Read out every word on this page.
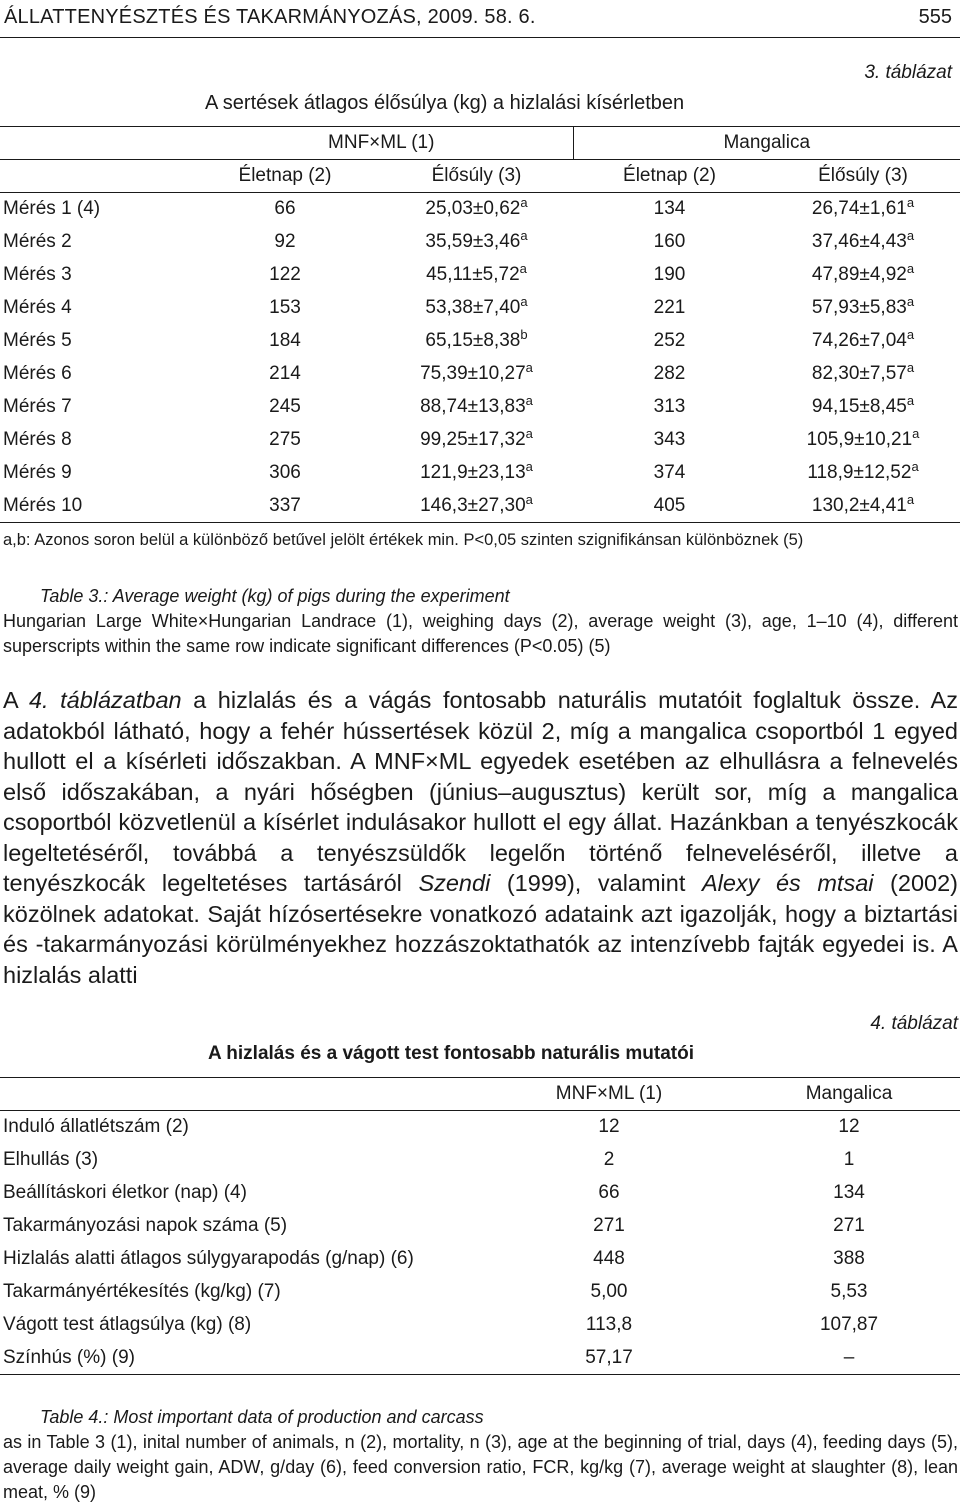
ÁLLATTENYÉSZTÉS ÉS TAKARMÁNYOZÁS, 2009. 58. 6.	555
3. táblázat
A sertések átlagos élősúlya (kg) a hizlalási kísérletben
	MNF×ML (1)		Mangalica	
	Életnap (2)	Élősúly (3)	Életnap (2)	Élősúly (3)
Mérés 1 (4)	66	25,03±0,62$^a$	134	26,74±1,61$^a$
Mérés 2	92	35,59±3,46$^a$	160	37,46±4,43$^a$
Mérés 3	122	45,11±5,72$^a$	190	47,89±4,92$^a$
Mérés 4	153	53,38±7,40$^a$	221	57,93±5,83$^a$
Mérés 5	184	65,15±8,38$^b$	252	74,26±7,04$^a$
Mérés 6	214	75,39±10,27$^a$	282	82,30±7,57$^a$
Mérés 7	245	88,74±13,83$^a$	313	94,15±8,45$^a$
Mérés 8	275	99,25±17,32$^a$	343	105,9±10,21$^a$
Mérés 9	306	121,9±23,13$^a$	374	118,9±12,52$^a$
Mérés 10	337	146,3±27,30$^a$	405	130,2±4,41$^a$
a,b: Azonos soron belül a különböző betűvel jelölt értékek min. P<0,05 szinten szignifikánsan különböznek (5)
Table 3.: Average weight (kg) of pigs during the experiment
Hungarian Large White×Hungarian Landrace (1), weighing days (2), average weight (3), age, 1–10 (4), different superscripts within the same row indicate significant differences (P<0.05) (5)
A 4. táblázatban a hizlalás és a vágás fontosabb naturális mutatóit foglaltuk össze. Az adatokból látható, hogy a fehér hússertések közül 2, míg a mangalica csoportból 1 egyed hullott el a kísérleti időszakban. A MNF×ML egyedek esetében az elhullásra a felnevelés első időszakában, a nyári hőségben (június–augusztus) került sor, míg a mangalica csoportból közvetlenül a kísérlet indulásakor hullott el egy állat. Hazánkban a tenyészkocák legeltetéséről, továbbá a tenyészsüldők legelőn történő felneveléséről, illetve a tenyészkocák legeltetéses tartásáról Szendi (1999), valamint Alexy és mtsai (2002) közölnek adatokat. Saját hízósertésekre vonatkozó adataink azt igazolják, hogy a biztartási és -takarmányozási körülményekhez hozzászoktathatók az intenzívebb fajták egyedei is. A hizlalás alatti
4. táblázat
A hizlalás és a vágott test fontosabb naturális mutatói
	MNF×ML (1)	Mangalica
Induló állatlétszám (2)	12	12
Elhullás (3)	2	1
Beállításkori életkor (nap) (4)	66	134
Takarmányozási napok száma (5)	271	271
Hizlalás alatti átlagos súlygyarapodás (g/nap) (6)	448	388
Takarmányértékesítés (kg/kg) (7)	5,00	5,53
Vágott test átlagsúlya (kg) (8)	113,8	107,87
Színhús (%) (9)	57,17	–
Table 4.: Most important data of production and carcass
as in Table 3 (1), inital number of animals, n (2), mortality, n (3), age at the beginning of trial, days (4), feeding days (5), average daily weight gain, ADW, g/day (6), feed conversion ratio, FCR, kg/kg (7), average weight at slaughter (8), lean meat, % (9)
